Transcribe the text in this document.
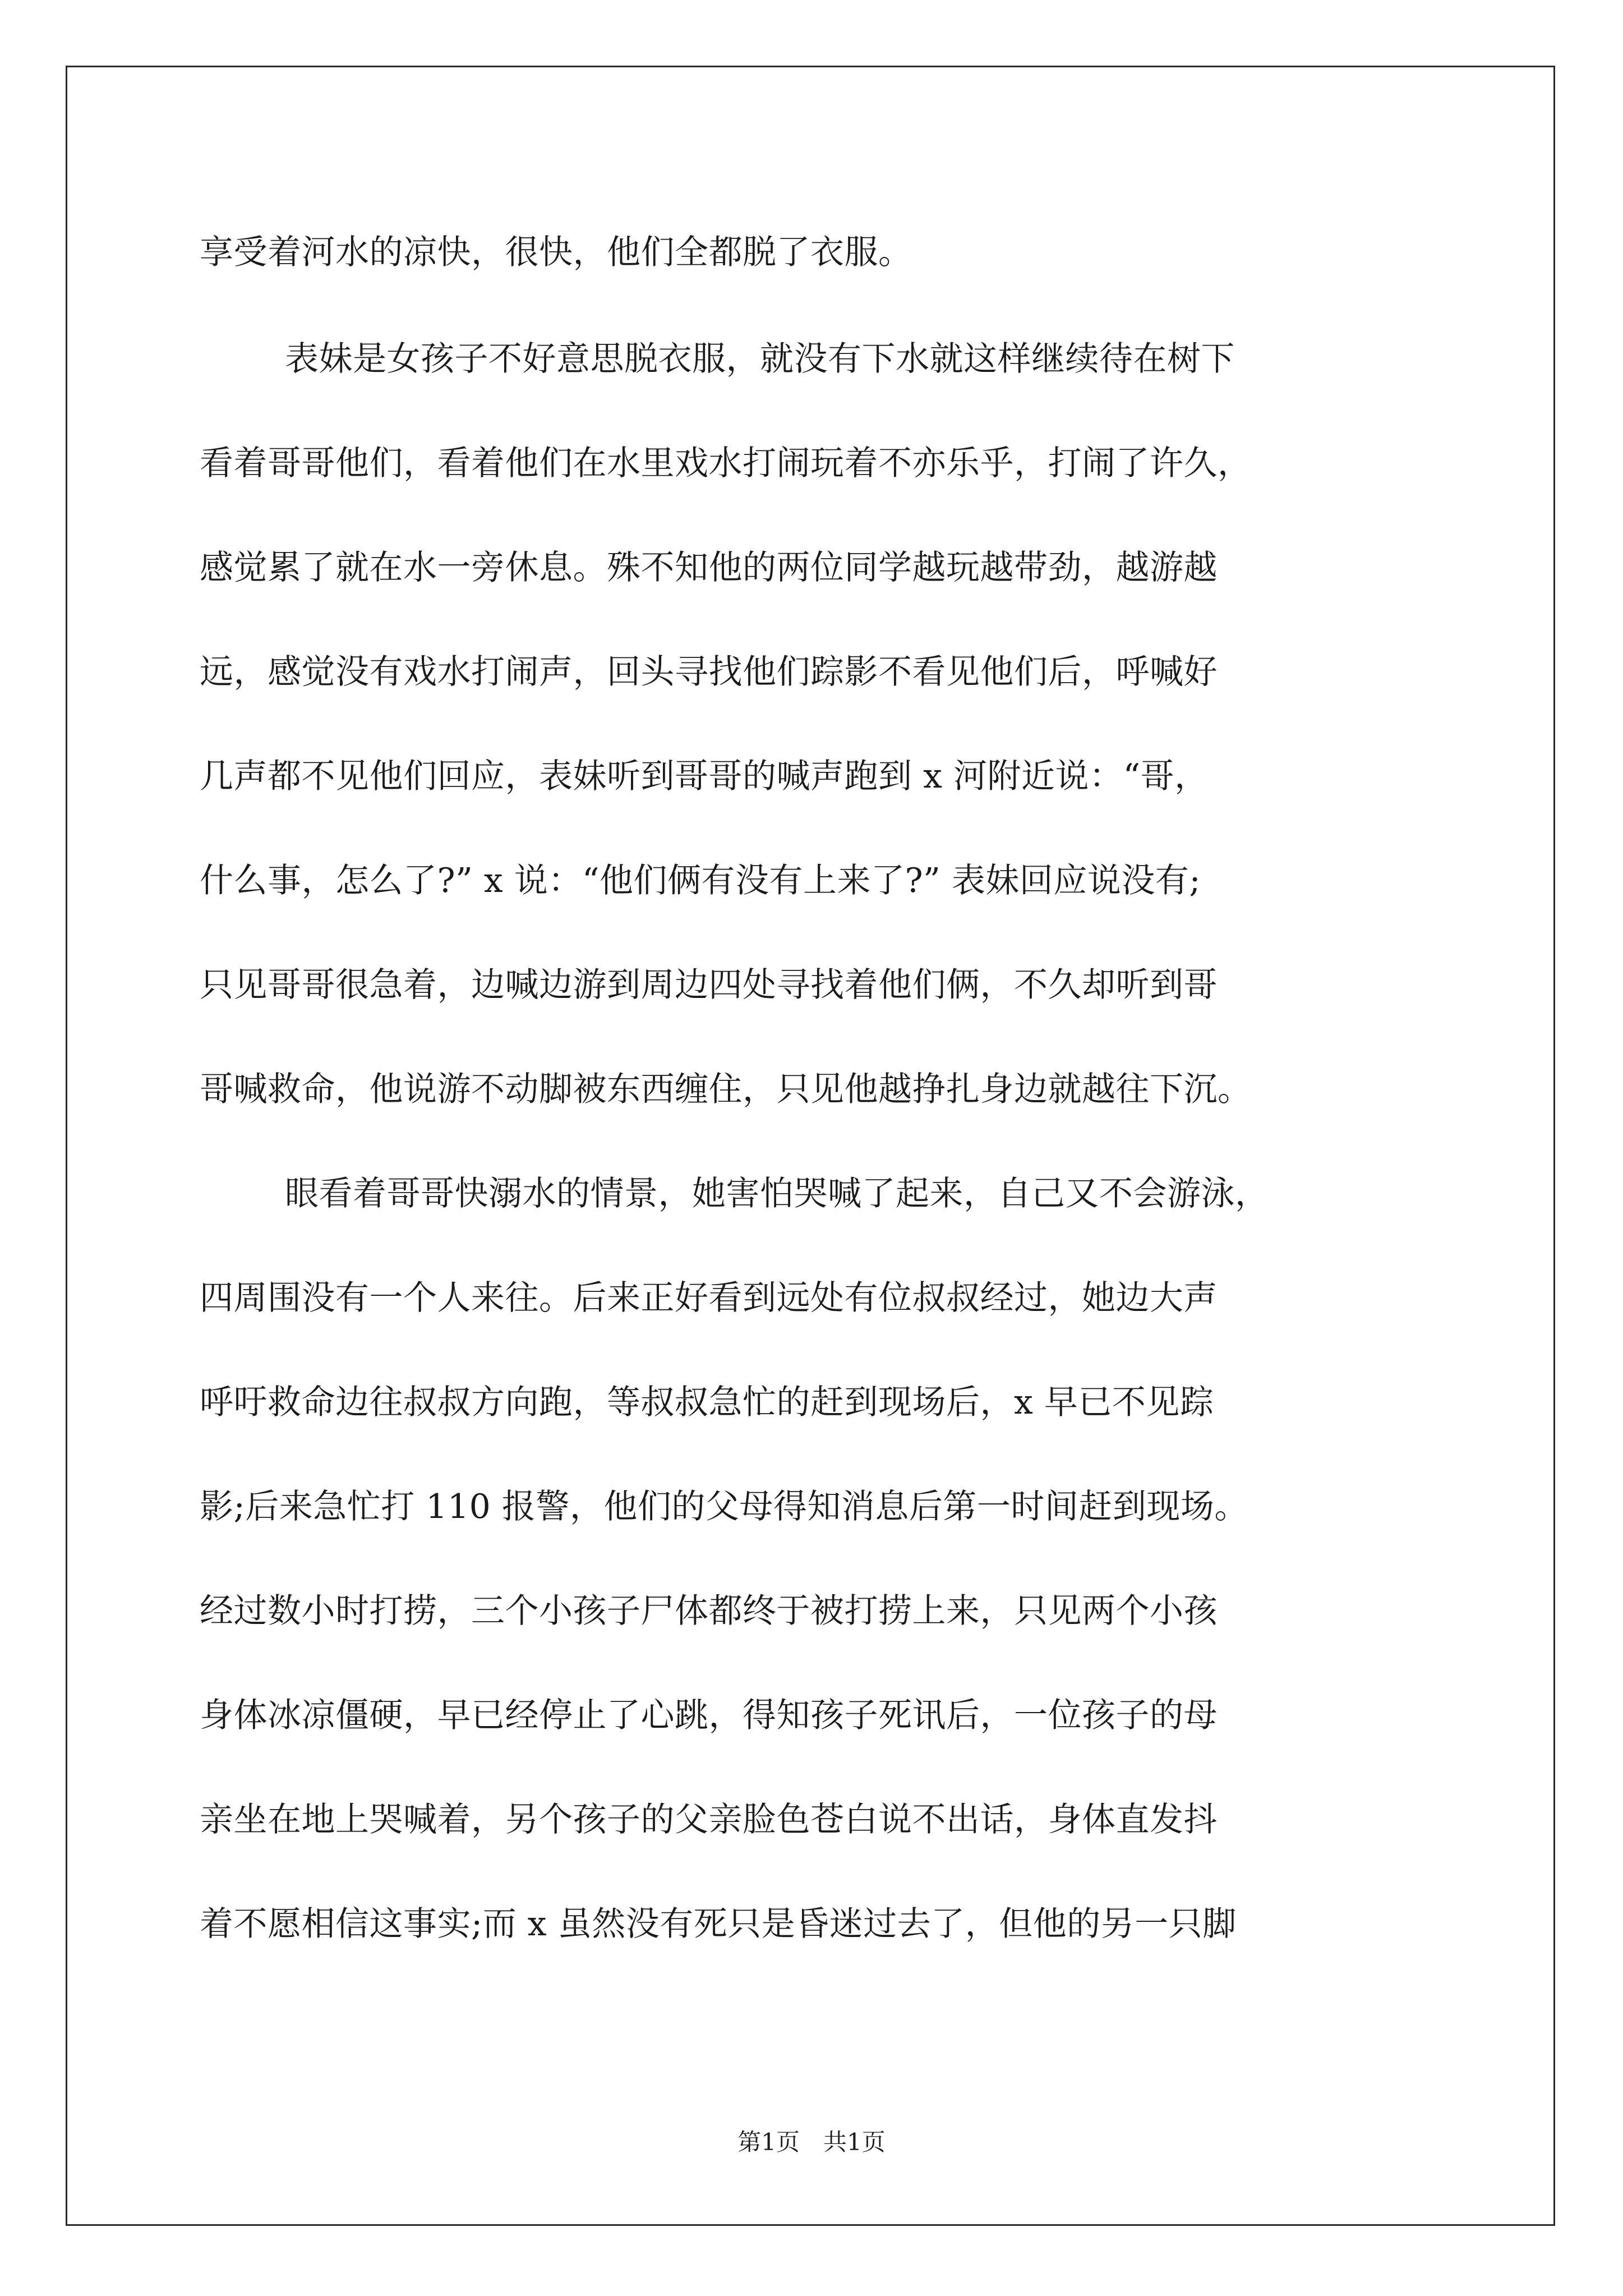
享受着河水的凉快，很快，他们全都脱了衣服。
表妹是女孩子不好意思脱衣服，就没有下水就这样继续待在树下
看着哥哥他们，看着他们在水里戏水打闹玩着不亦乐乎，打闹了许久，
感觉累了就在水一旁休息。殊不知他的两位同学越玩越带劲，越游越
远，感觉没有戏水打闹声，回头寻找他们踪影不看见他们后，呼喊好
几声都不见他们回应，表妹听到哥哥的喊声跑到 x 河附近说：“哥，
什么事，怎么了?” x 说：“他们俩有没有上来了?” 表妹回应说没有;
只见哥哥很急着，边喊边游到周边四处寻找着他们俩，不久却听到哥
哥喊救命，他说游不动脚被东西缠住，只见他越挣扎身边就越往下沉。
眼看着哥哥快溺水的情景，她害怕哭喊了起来，自己又不会游泳，
四周围没有一个人来往。后来正好看到远处有位叔叔经过，她边大声
呼吁救命边往叔叔方向跑，等叔叔急忙的赶到现场后，x 早已不见踪
影;后来急忙打 110 报警，他们的父母得知消息后第一时间赶到现场。
经过数小时打捞，三个小孩子尸体都终于被打捞上来，只见两个小孩
身体冰凉僵硬，早已经停止了心跳，得知孩子死讯后，一位孩子的母
亲坐在地上哭喊着，另个孩子的父亲脸色苍白说不出话，身体直发抖
着不愿相信这事实;而 x 虽然没有死只是昏迷过去了，但他的另一只脚
第1页　共1页
